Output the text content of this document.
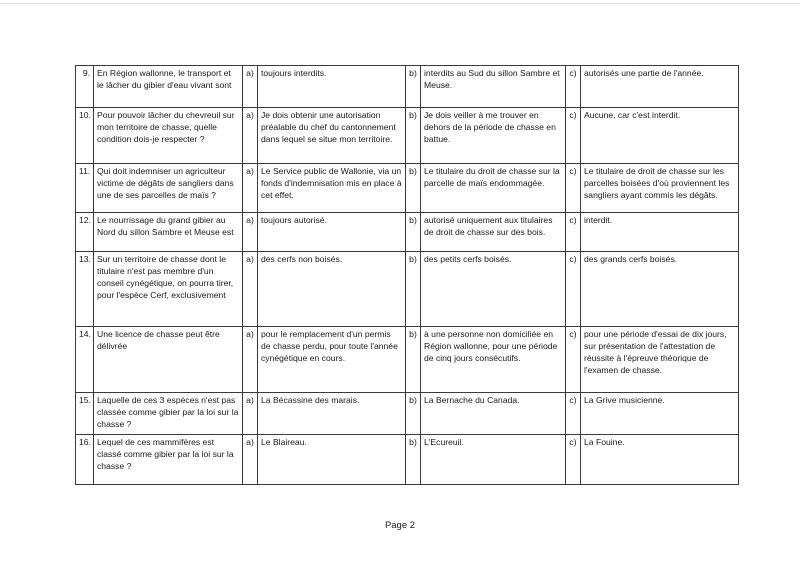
9.	En Région wallonne, le transport et le lâcher du gibier d'eau vivant sont	a)	toujours interdits.	b)	interdits au Sud du sillon Sambre et Meuse.	c)	autorisés une partie de l'année.
10.	Pour pouvoir lâcher du chevreuil sur mon territoire de chasse, quelle condition dois-je respecter ?	a)	Je dois obtenir une autorisation préalable du chef du cantonnement dans lequel se situe mon territoire.	b)	Je dois veiller à me trouver en dehors de la période de chasse en battue.	c)	Aucune, car c'est interdit.
11.	Qui doit indemniser un agriculteur victime de dégâts de sangliers dans une de ses parcelles de maïs ?	a)	Le Service public de Wallonie, via un fonds d'indemnisation mis en place à cet effet.	b)	Le titulaire du droit de chasse sur la parcelle de maïs endommagée.	c)	Le titulaire de droit de chasse sur les parcelles boisées d'où proviennent les sangliers ayant commis les dégâts.
12.	Le nourrissage du grand gibier au Nord du sillon Sambre et Meuse est	a)	toujours autorisé.	b)	autorisé uniquement aux titulaires de droit de chasse sur des bois.	c)	interdit.
13.	Sur un territoire de chasse dont le titulaire n'est pas membre d'un conseil cynégétique, on pourra tirer, pour l'espèce Cerf, exclusivement	a)	des cerfs non boisés.	b)	des petits cerfs boisés.	c)	des grands cerfs boisés.
14.	Une licence de chasse peut être délivrée	a)	pour le remplacement d'un permis de chasse perdu, pour toute l'année cynégétique en cours.	b)	à une personne non domiciliée en Région wallonne, pour une période de cinq jours consécutifs.	c)	pour une période d'essai de dix jours, sur présentation de l'attestation de réussite à l'épreuve théorique de l'examen de chasse.
15.	Laquelle de ces 3 espèces n'est pas classée comme gibier par la loi sur la chasse ?	a)	La Bécassine des marais.	b)	La Bernache du Canada.	c)	La Grive musicienne.
16.	Lequel de ces mammifères est classé comme gibier par la loi sur la chasse ?	a)	Le Blaireau.	b)	L'Ecureuil.	c)	La Fouine.
Page 2
